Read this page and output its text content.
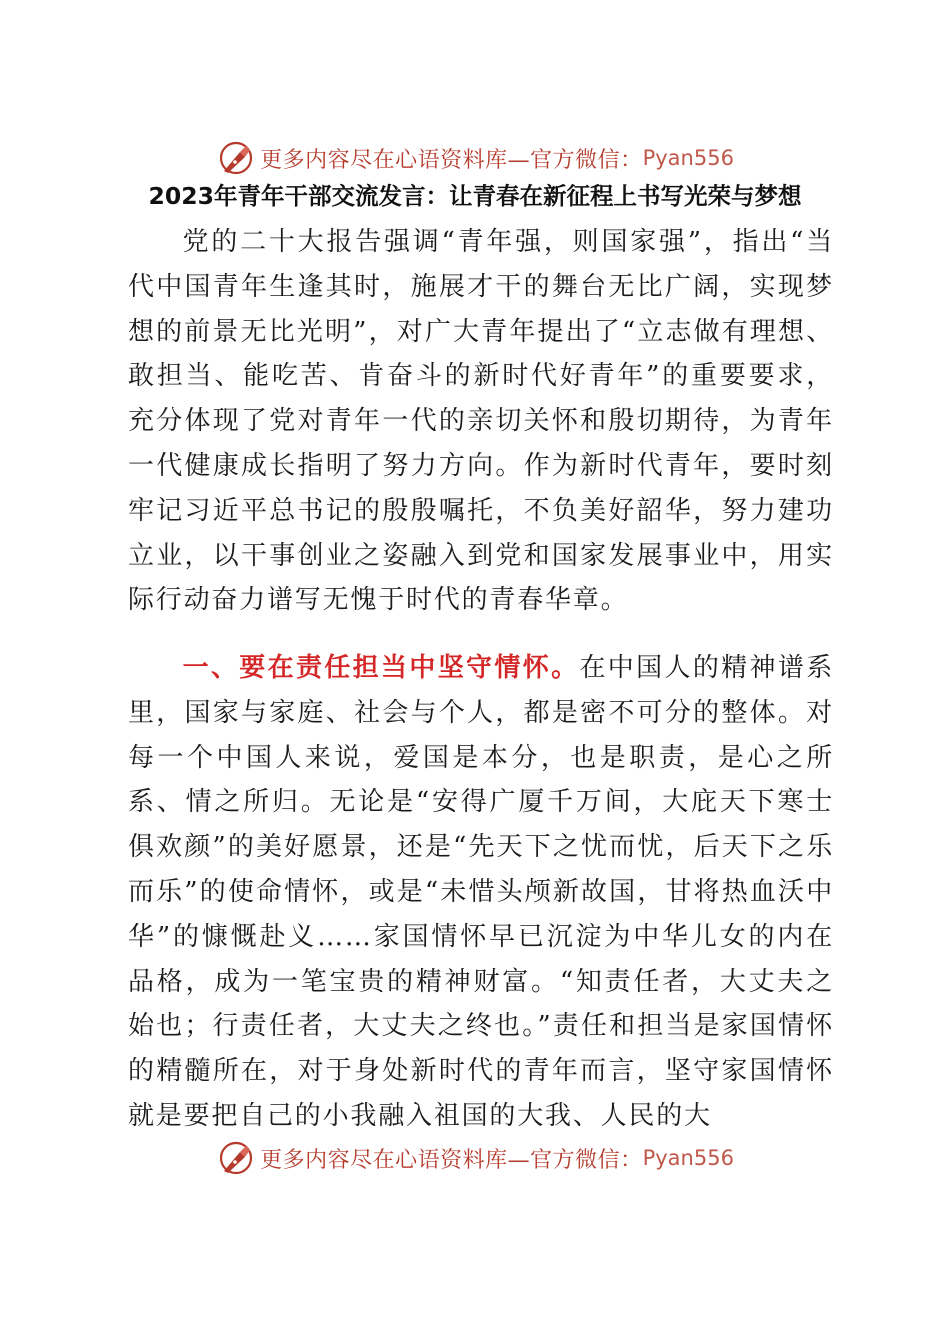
更多内容尽在心语资料库—官方微信： Pyan556
2023年青年干部交流发言：让青春在新征程上书写光荣与梦想

党的二十大报告强调“青年强，则国家强”，指出“当代中国青年生逢其时，施展才干的舞台无比广阔，实现梦想的前景无比光明”，对广大青年提出了“立志做有理想、敢担当、能吃苦、肯奋斗的新时代好青年”的重要要求，充分体现了党对青年一代的亲切关怀和殷切期待，为青年一代健康成长指明了努力方向。作为新时代青年，要时刻牢记习近平总书记的殷殷嘱托，不负美好韶华，努力建功立业，以干事创业之姿融入到党和国家发展事业中，用实际行动奋力谱写无愧于时代的青春华章。

一、要在责任担当中坚守情怀。在中国人的精神谱系里，国家与家庭、社会与个人，都是密不可分的整体。对每一个中国人来说，爱国是本分，也是职责，是心之所系、情之所归。无论是“安得广厦千万间，大庇天下寒士俱欢颜”的美好愿景，还是“先天下之忧而忧，后天下之乐而乐”的使命情怀，或是“未惜头颅新故国，甘将热血沃中华”的慷慨赴义……家国情怀早已沉淀为中华儿女的内在品格，成为一笔宝贵的精神财富。“知责任者，大丈夫之始也；行责任者，大丈夫之终也。”责任和担当是家国情怀的精髓所在，对于身处新时代的青年而言，坚守家国情怀就是要把自己的小我融入祖国的大我、人民的大

更多内容尽在心语资料库—官方微信： Pyan556
